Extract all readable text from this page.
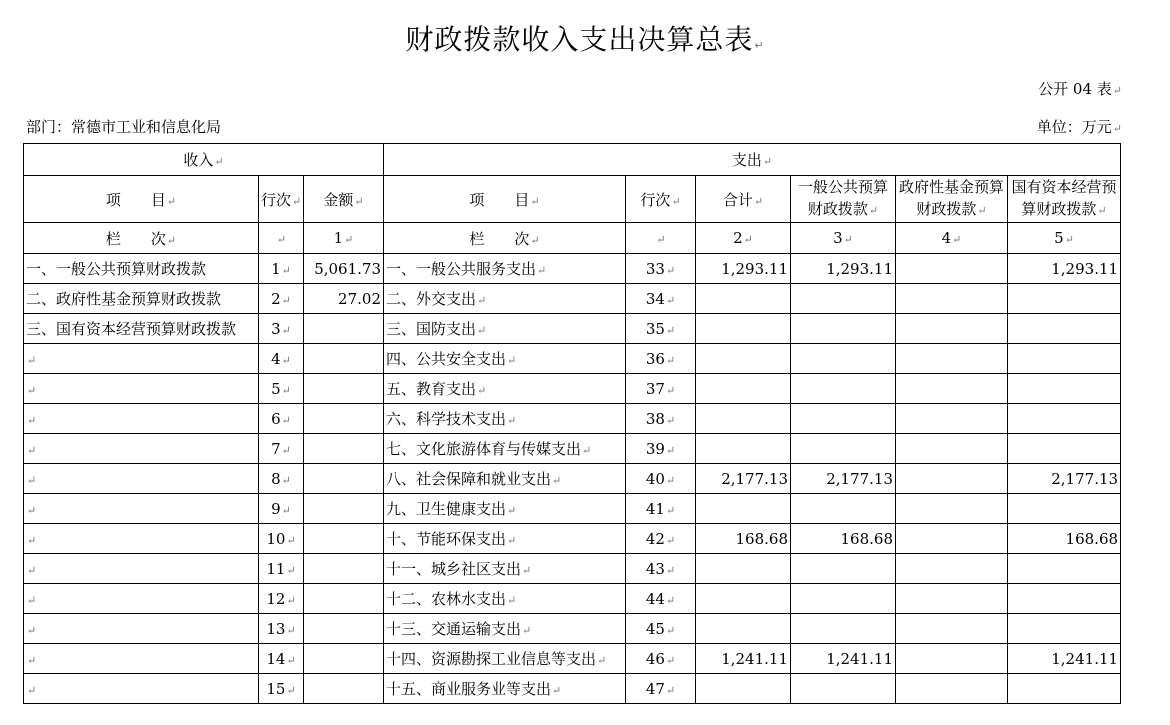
财政拨款收入支出决算总表↵
公开 04 表↵
部门：常德市工业和信息化局	单位：万元↵
收入↵			支出↵					
项　　目↵	行次↵	金额↵	项　　目↵	行次↵	合计↵	一般公共预算财政拨款↵	政府性基金预算财政拨款↵	国有资本经营预算财政拨款↵
栏　　次↵	↵	1↵	栏　　次↵	↵	2↵	3↵	4↵	5↵
一、一般公共预算财政拨款	1↵	5,061.73	一、一般公共服务支出↵	33↵	1,293.11	1,293.11		1,293.11
二、政府性基金预算财政拨款	2↵	27.02	二、外交支出↵	34↵				
三、国有资本经营预算财政拨款	3↵		三、国防支出↵	35↵				
↵	4↵		四、公共安全支出↵	36↵				
↵	5↵		五、教育支出↵	37↵				
↵	6↵		六、科学技术支出↵	38↵				
↵	7↵		七、文化旅游体育与传媒支出↵	39↵				
↵	8↵		八、社会保障和就业支出↵	40↵	2,177.13	2,177.13		2,177.13
↵	9↵		九、卫生健康支出↵	41↵				
↵	10↵		十、节能环保支出↵	42↵	168.68	168.68		168.68
↵	11↵		十一、城乡社区支出↵	43↵				
↵	12↵		十二、农林水支出↵	44↵				
↵	13↵		十三、交通运输支出↵	45↵				
↵	14↵		十四、资源勘探工业信息等支出↵	46↵	1,241.11	1,241.11		1,241.11
↵	15↵		十五、商业服务业等支出↵	47↵				
